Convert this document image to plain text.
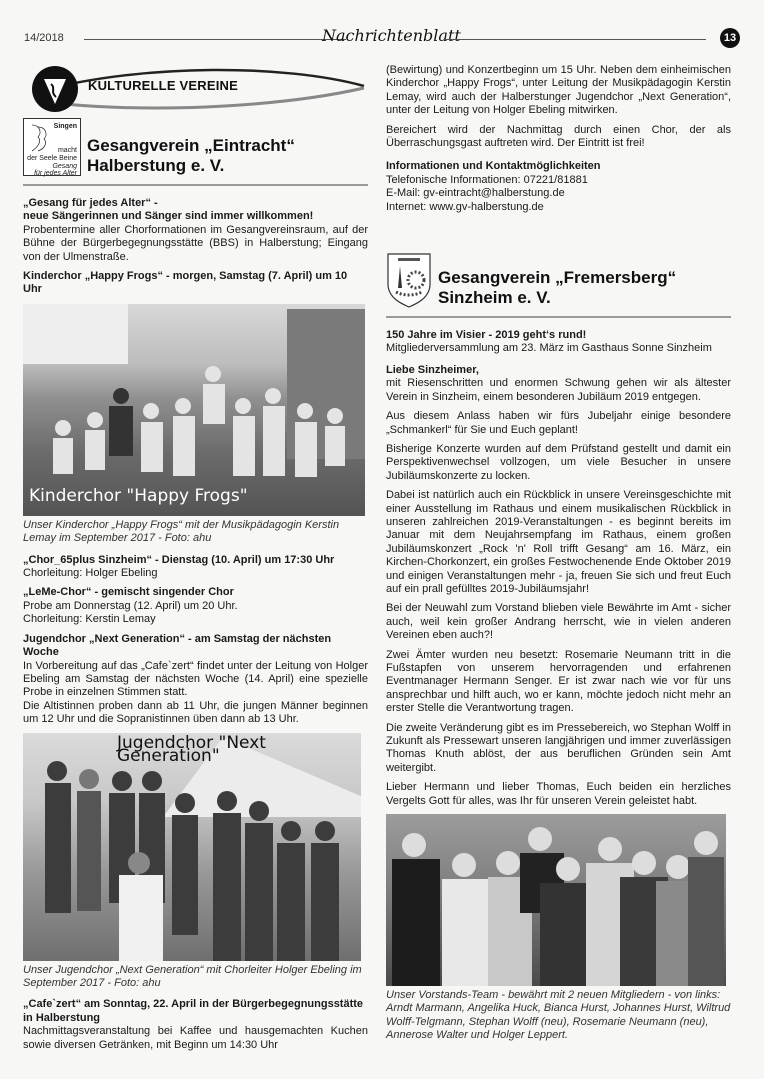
14/2018	Nachrichtenblatt	13
KULTURELLE VEREINE
Singen
macht
der Seele Beine
Gesang
für jedes Alter
Gesangverein „Eintracht“
Halberstung e. V.
„Gesang für jedes Alter“ -
neue Sängerinnen und Sänger sind immer willkommen!

Probentermine aller Chorformationen im Gesangvereinsraum, auf der Bühne der Bürgerbegegnungsstätte (BBS) in Halberstung; Eingang von der Ulmenstraße.

Kinderchor „Happy Frogs“ - morgen, Samstag (7. April) um 10 Uhr
Kinderchor "Happy Frogs"

Unser Kinderchor „Happy Frogs“ mit der Musikpädagogin Kerstin Lemay im September 2017 - Foto: ahu

„Chor_65plus Sinzheim“ - Dienstag (10. April) um 17:30 Uhr

Chorleitung: Holger Ebeling

„LeMe-Chor“ - gemischt singender Chor
Probe am Donnerstag (12. April) um 20 Uhr.

Chorleitung: Kerstin Lemay

Jugendchor „Next Generation“ - am Samstag der nächsten Woche

In Vorbereitung auf das „Cafe`zert“ findet unter der Leitung von Holger Ebeling am Samstag der nächsten Woche (14. April) eine spezielle Probe in einzelnen Stimmen statt.

Die Altistinnen proben dann ab 11 Uhr, die jungen Männer beginnen um 12 Uhr und die Sopranistinnen üben dann ab 13 Uhr.

Jugendchor "Next Generation"

Unser Jugendchor „Next Generation“ mit Chorleiter Holger Ebeling im September 2017 - Foto: ahu

„Cafe`zert“ am Sonntag, 22. April in der Bürgerbegegnungsstätte in Halberstung

Nachmittagsveranstaltung bei Kaffee und hausgemachten Kuchen sowie diversen Getränken, mit Beginn um 14:30 Uhr

(Bewirtung) und Konzertbeginn um 15 Uhr. Neben dem einheimischen Kinderchor „Happy Frogs“, unter Leitung der Musikpädagogin Kerstin Lemay, wird auch der Halberstunger Jugendchor „Next Generation“, unter der Leitung von Holger Ebeling mitwirken.

Bereichert wird der Nachmittag durch einen Chor, der als Überraschungsgast auftreten wird. Der Eintritt ist frei!

Informationen und Kontaktmöglichkeiten
Telefonische Informationen: 07221/81881
E-Mail: gv-eintracht@halberstung.de
Internet: www.gv-halberstung.de
Gesangverein „Fremersberg“
Sinzheim e. V.
150 Jahre im Visier - 2019 geht‘s rund!

Mitgliederversammlung am 23. März im Gasthaus Sonne Sinzheim

Liebe Sinzheimer,

mit Riesenschritten und enormen Schwung gehen wir als ältester Verein in Sinzheim, einem besonderen Jubiläum 2019 entgegen.

Aus diesem Anlass haben wir fürs Jubeljahr einige besondere „Schmankerl“ für Sie und Euch geplant!

Bisherige Konzerte wurden auf dem Prüfstand gestellt und damit ein Perspektivenwechsel vollzogen, um viele Besucher in unsere Jubiläumskonzerte zu locken.

Dabei ist natürlich auch ein Rückblick in unsere Vereinsgeschichte mit einer Ausstellung im Rathaus und einem musikalischen Rückblick in unseren zahlreichen 2019-Veranstaltungen - es beginnt bereits im Januar mit dem Neujahrsempfang im Rathaus, einem großen Jubiläumskonzert „Rock 'n' Roll trifft Gesang“ am 16. März, ein Kirchen-Chorkonzert, ein großes Festwochenende Ende Oktober 2019 und einigen Veranstaltungen mehr - ja, freuen Sie sich und freut Euch auf ein prall gefülltes 2019-Jubiläumsjahr!

Bei der Neuwahl zum Vorstand blieben viele Bewährte im Amt - sicher auch, weil kein großer Andrang herrscht, wie in vielen anderen Vereinen eben auch?!

Zwei Ämter wurden neu besetzt: Rosemarie Neumann tritt in die Fußstapfen von unserem hervorragenden und erfahrenen Eventmanager Hermann Senger. Er ist zwar nach wie vor für uns ansprechbar und hilft auch, wo er kann, möchte jedoch nicht mehr an erster Stelle die Verantwortung tragen.

Die zweite Veränderung gibt es im Pressebereich, wo Stephan Wolff in Zukunft als Pressewart unseren langjährigen und immer zuverlässigen Thomas Knuth ablöst, der aus beruflichen Gründen sein Amt weitergibt.

Lieber Hermann und lieber Thomas, Euch beiden ein herzliches Vergelts Gott für alles, was Ihr für unseren Verein geleistet habt.

Unser Vorstands-Team - bewährt mit 2 neuen Mitgliedern - von links: Arndt Marmann, Angelika Huck, Bianca Hurst, Johannes Hurst, Wiltrud Wolff-Telgmann, Stephan Wolff (neu), Rosemarie Neumann (neu), Annerose Walter und Holger Leppert.
